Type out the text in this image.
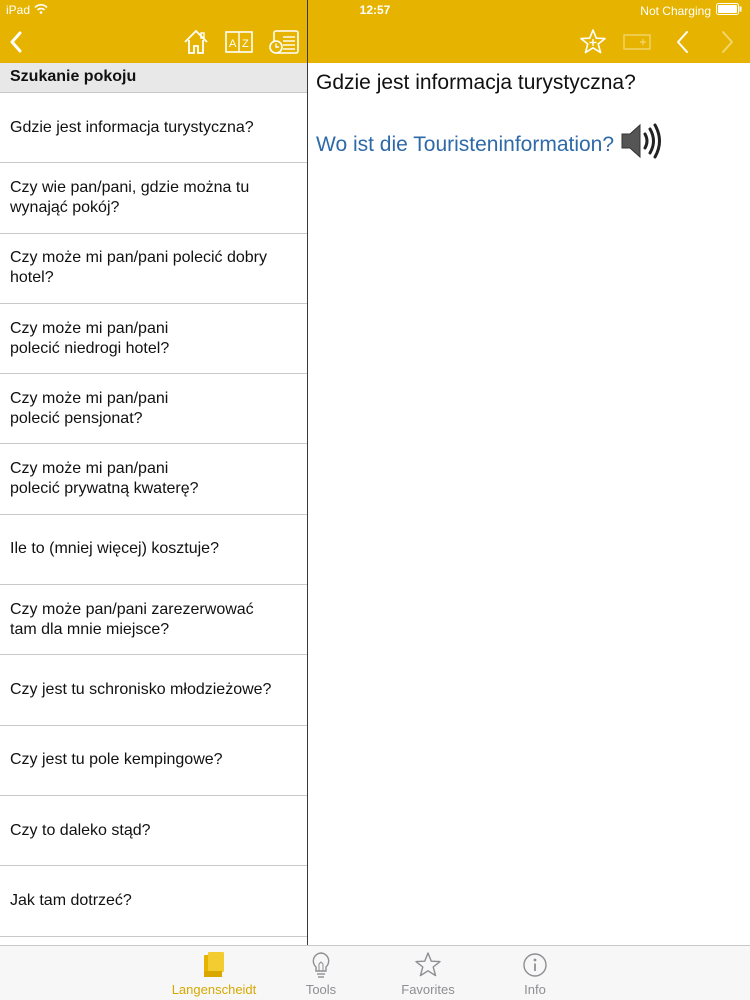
iPad	12:57	Not Charging
A Z
Szukanie pokoju
Gdzie jest informacja turystyczna?
Czy wie pan/pani, gdzie można tu
wynająć pokój?
Czy może mi pan/pani polecić dobry
hotel?
Czy może mi pan/pani
polecić niedrogi hotel?
Czy może mi pan/pani
polecić pensjonat?
Czy może mi pan/pani
polecić prywatną kwaterę?
Ile to (mniej więcej) kosztuje?
Czy może pan/pani zarezerwować
tam dla mnie miejsce?
Czy jest tu schronisko młodzieżowe?
Czy jest tu pole kempingowe?
Czy to daleko stąd?
Jak tam dotrzeć?
Gdzie jest informacja turystyczna?
Wo ist die Touristeninformation?
Langenscheidt	Tools	Favorites	Info
